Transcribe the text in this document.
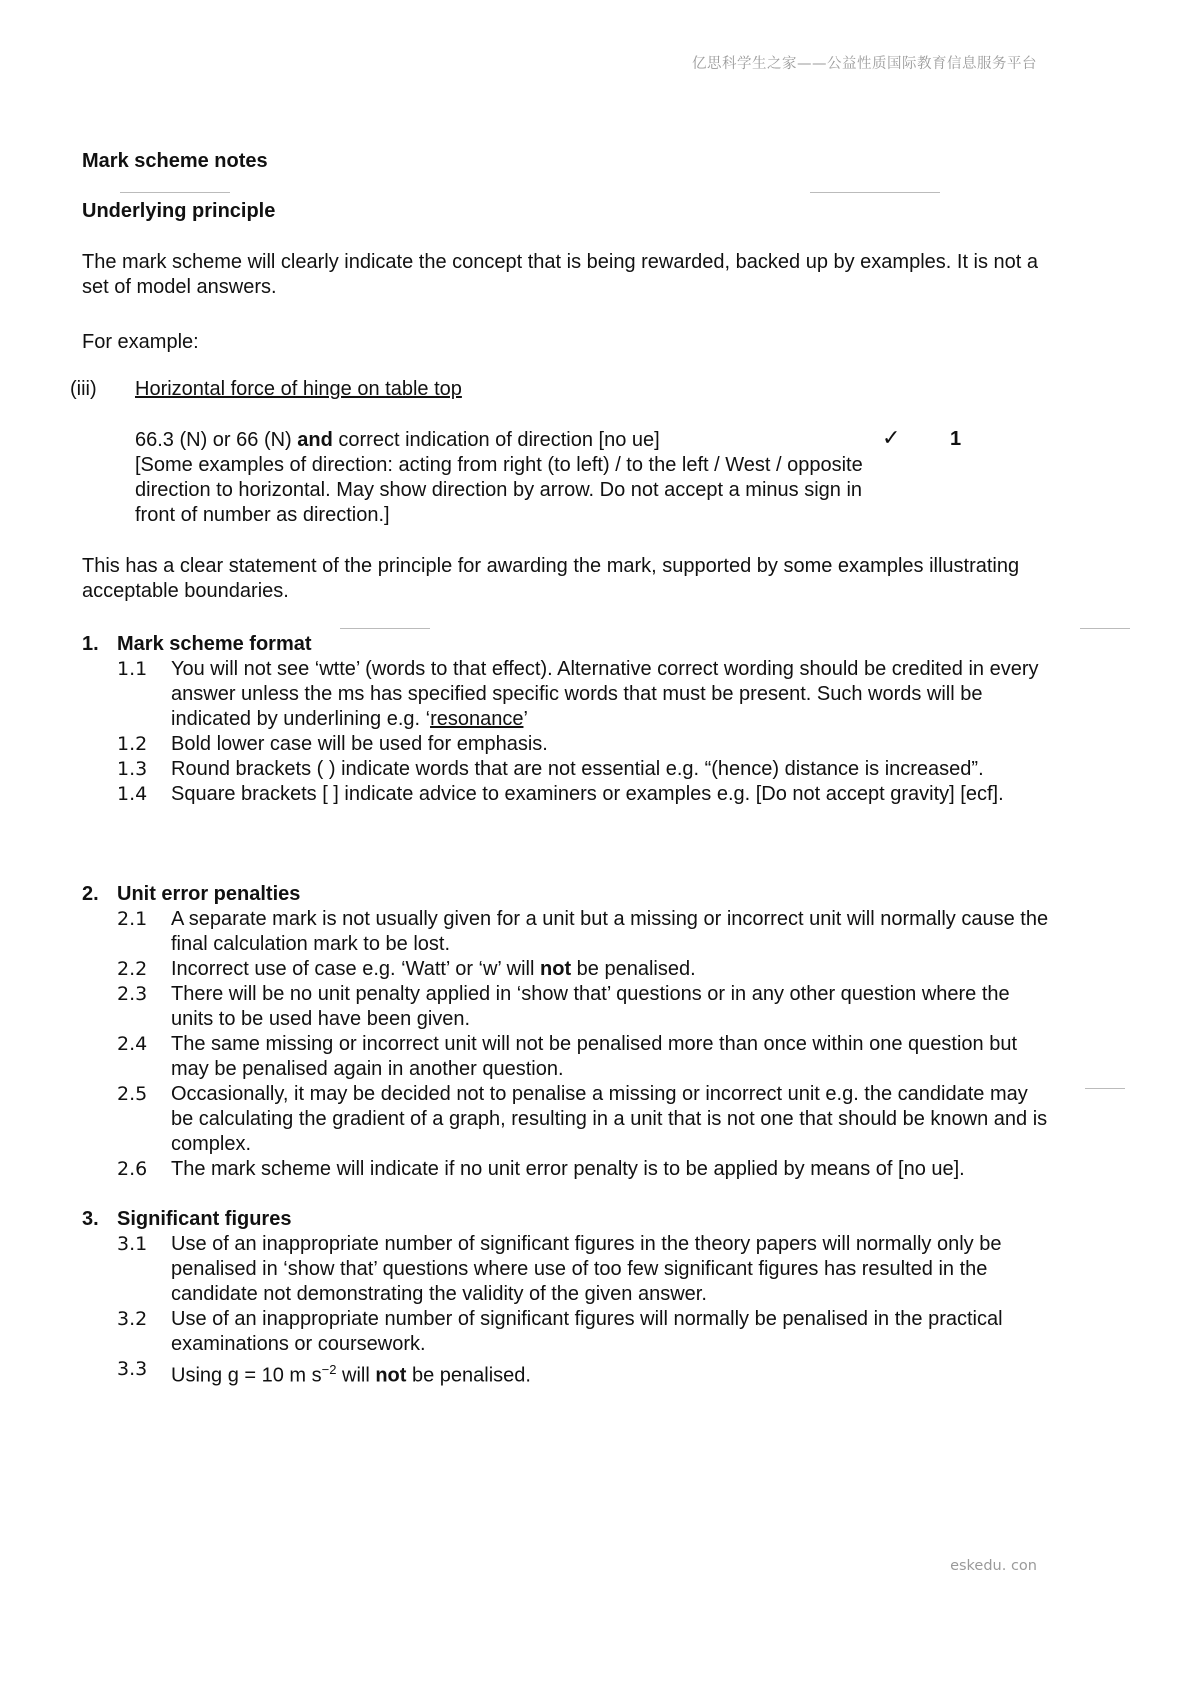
亿思科学生之家——公益性质国际教育信息服务平台
Mark scheme notes
Underlying principle
The mark scheme will clearly indicate the concept that is being rewarded, backed up by examples. It is not a set of model answers.
For example:
(iii) Horizontal force of hinge on table top
66.3 (N) or 66 (N) and correct indication of direction [no ue]
[Some examples of direction: acting from right (to left) / to the left / West / opposite direction to horizontal. May show direction by arrow. Do not accept a minus sign in front of number as direction.]
✓ 1
This has a clear statement of the principle for awarding the mark, supported by some examples illustrating acceptable boundaries.
1. Mark scheme format
1.1	You will not see ‘wtte’ (words to that effect). Alternative correct wording should be credited in every answer unless the ms has specified specific words that must be present. Such words will be indicated by underlining e.g. ‘resonance’
1.2	Bold lower case will be used for emphasis.
1.3	Round brackets ( ) indicate words that are not essential e.g. “(hence) distance is increased”.
1.4	Square brackets [ ] indicate advice to examiners or examples e.g. [Do not accept gravity] [ecf].
2. Unit error penalties
2.1	A separate mark is not usually given for a unit but a missing or incorrect unit will normally cause the final calculation mark to be lost.
2.2	Incorrect use of case e.g. ‘Watt’ or ‘w’ will not be penalised.
2.3	There will be no unit penalty applied in ‘show that’ questions or in any other question where the units to be used have been given.
2.4	The same missing or incorrect unit will not be penalised more than once within one question but may be penalised again in another question.
2.5	Occasionally, it may be decided not to penalise a missing or incorrect unit e.g. the candidate may be calculating the gradient of a graph, resulting in a unit that is not one that should be known and is complex.
2.6	The mark scheme will indicate if no unit error penalty is to be applied by means of [no ue].
3. Significant figures
3.1	Use of an inappropriate number of significant figures in the theory papers will normally only be penalised in ‘show that’ questions where use of too few significant figures has resulted in the candidate not demonstrating the validity of the given answer.
3.2	Use of an inappropriate number of significant figures will normally be penalised in the practical examinations or coursework.
3.3	Using g = 10 m $s^{-2}$ will not be penalised.
eskedu. con
